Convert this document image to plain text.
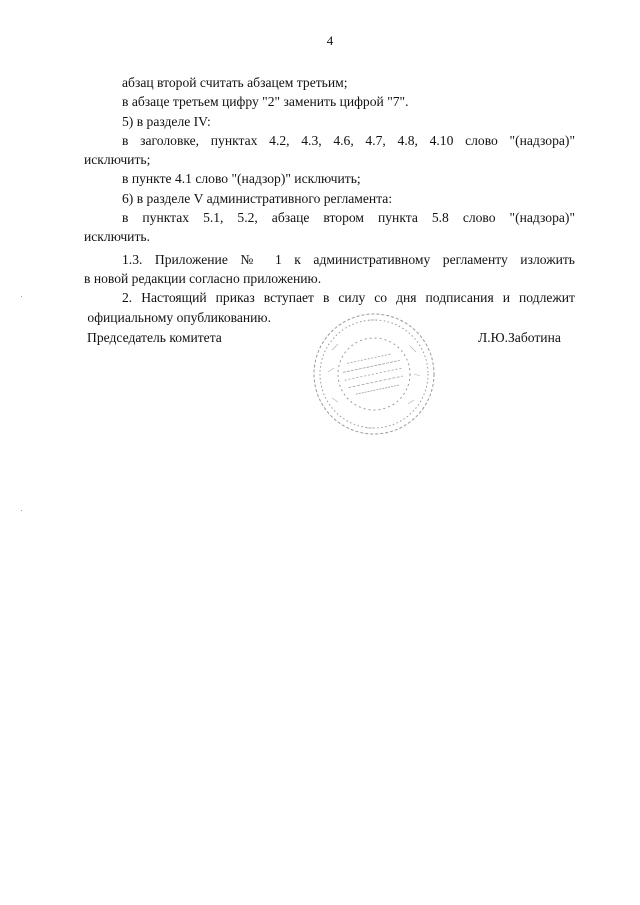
4

абзац второй считать абзацем третьим;

в абзаце третьем цифру "2" заменить цифрой "7".

5) в разделе IV:

в заголовке, пунктах 4.2, 4.3, 4.6, 4.7, 4.8, 4.10 слово "(надзора)"

исключить;

в пункте 4.1 слово "(надзор)" исключить;

6) в разделе V административного регламента:

в пунктах 5.1, 5.2, абзаце втором пункта 5.8 слово "(надзора)"

исключить.

1.3. Приложение № 1 к административному регламенту изложить

в новой редакции согласно приложению.

2. Настоящий приказ вступает в силу со дня подписания и подлежит

официальному опубликованию.

Председатель комитета	Л.Ю.Заботина
